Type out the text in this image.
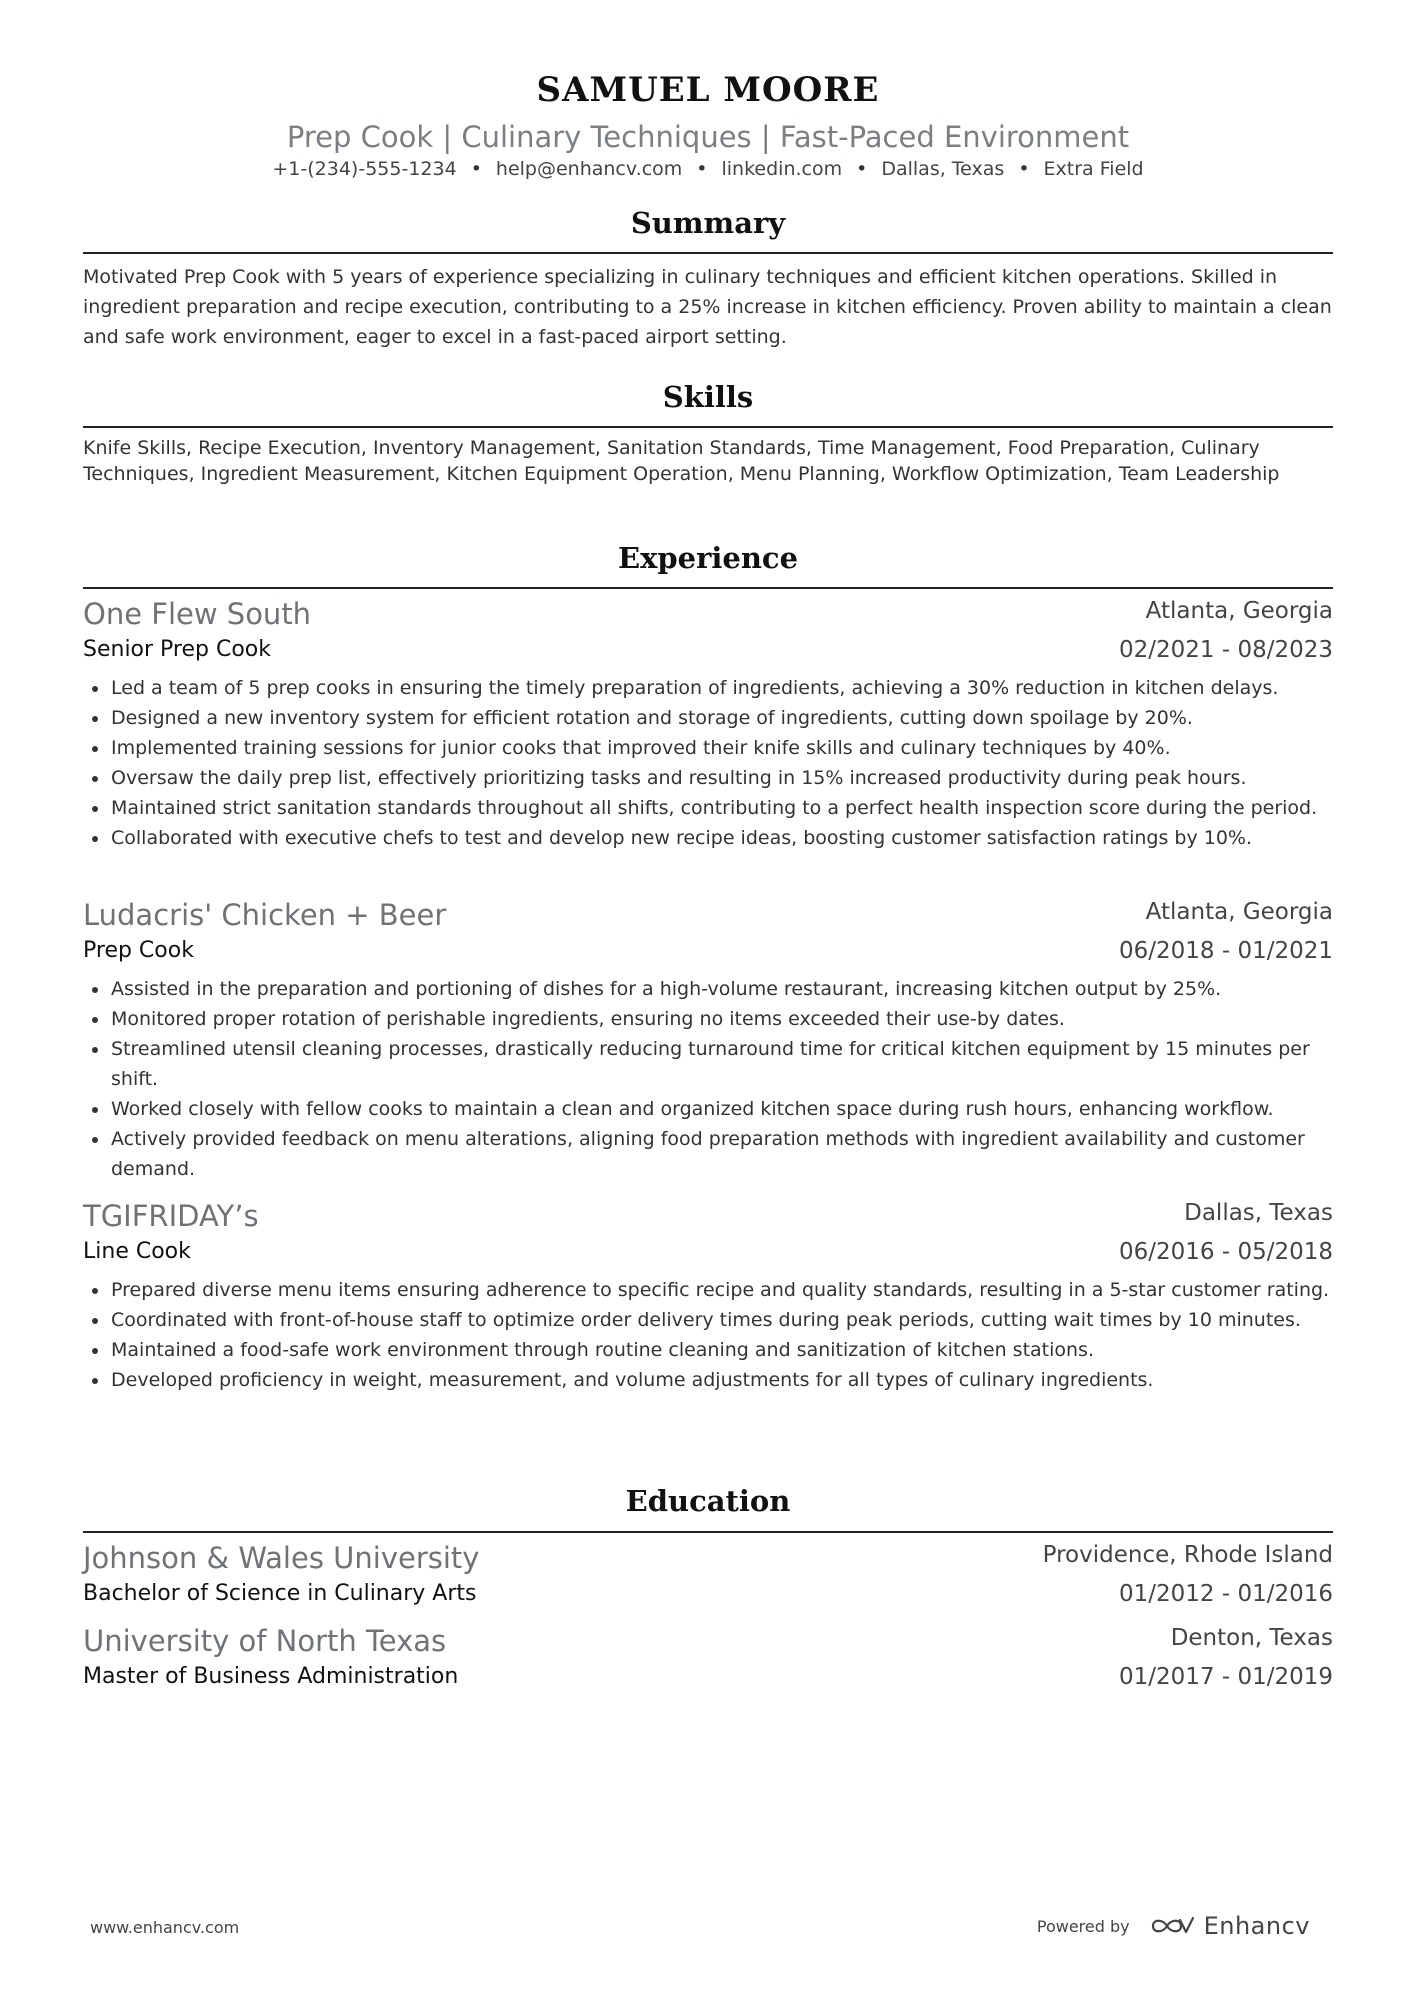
SAMUEL MOORE
Prep Cook | Culinary Techniques | Fast-Paced Environment
+1-(234)-555-1234 • help@enhancv.com • linkedin.com • Dallas, Texas • Extra Field
Summary
Motivated Prep Cook with 5 years of experience specializing in culinary techniques and efficient kitchen operations. Skilled in ingredient preparation and recipe execution, contributing to a 25% increase in kitchen efficiency. Proven ability to maintain a clean and safe work environment, eager to excel in a fast-paced airport setting.
Skills
Knife Skills, Recipe Execution, Inventory Management, Sanitation Standards, Time Management, Food Preparation, Culinary Techniques, Ingredient Measurement, Kitchen Equipment Operation, Menu Planning, Workflow Optimization, Team Leadership
Experience
One Flew South	Atlanta, Georgia
Senior Prep Cook	02/2021 - 08/2023
Led a team of 5 prep cooks in ensuring the timely preparation of ingredients, achieving a 30% reduction in kitchen delays.
Designed a new inventory system for efficient rotation and storage of ingredients, cutting down spoilage by 20%.
Implemented training sessions for junior cooks that improved their knife skills and culinary techniques by 40%.
Oversaw the daily prep list, effectively prioritizing tasks and resulting in 15% increased productivity during peak hours.
Maintained strict sanitation standards throughout all shifts, contributing to a perfect health inspection score during the period.
Collaborated with executive chefs to test and develop new recipe ideas, boosting customer satisfaction ratings by 10%.
Ludacris' Chicken + Beer	Atlanta, Georgia
Prep Cook	06/2018 - 01/2021
Assisted in the preparation and portioning of dishes for a high-volume restaurant, increasing kitchen output by 25%.
Monitored proper rotation of perishable ingredients, ensuring no items exceeded their use-by dates.
Streamlined utensil cleaning processes, drastically reducing turnaround time for critical kitchen equipment by 15 minutes per shift.
Worked closely with fellow cooks to maintain a clean and organized kitchen space during rush hours, enhancing workflow.
Actively provided feedback on menu alterations, aligning food preparation methods with ingredient availability and customer demand.
TGIFRIDAY’s	Dallas, Texas
Line Cook	06/2016 - 05/2018
Prepared diverse menu items ensuring adherence to specific recipe and quality standards, resulting in a 5-star customer rating.
Coordinated with front-of-house staff to optimize order delivery times during peak periods, cutting wait times by 10 minutes.
Maintained a food-safe work environment through routine cleaning and sanitization of kitchen stations.
Developed proficiency in weight, measurement, and volume adjustments for all types of culinary ingredients.
Education
Johnson & Wales University	Providence, Rhode Island
Bachelor of Science in Culinary Arts	01/2012 - 01/2016
University of North Texas	Denton, Texas
Master of Business Administration	01/2017 - 01/2019
www.enhancv.com	Powered by	Enhancv
